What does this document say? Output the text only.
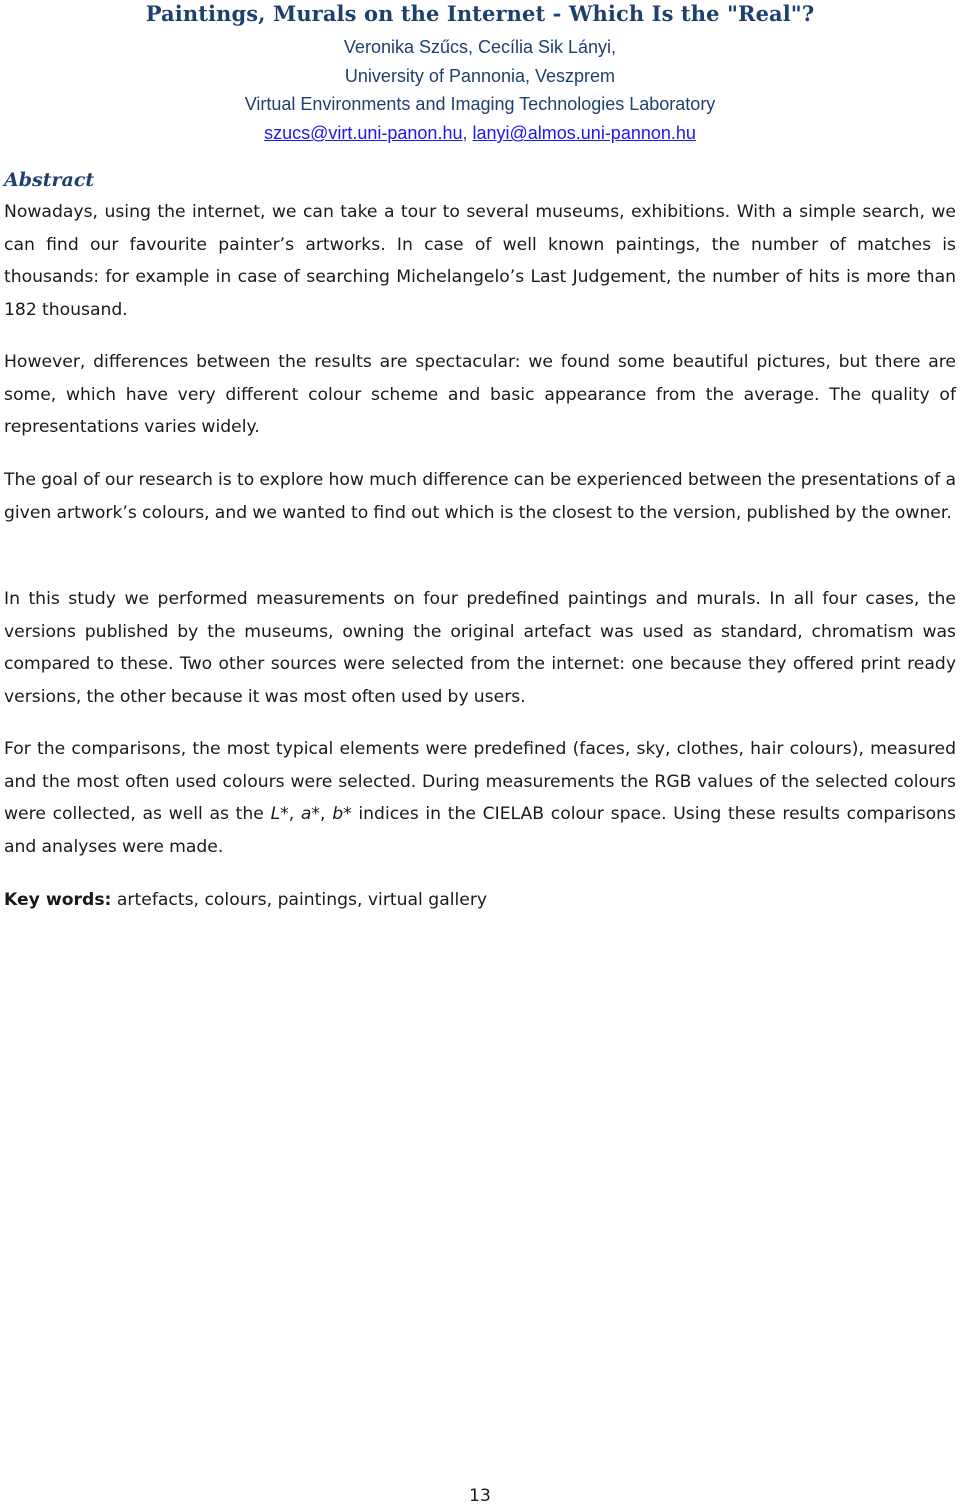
Paintings, Murals on the Internet - Which Is the "Real"?
Veronika Szűcs, Cecília Sik Lányi,
University of Pannonia, Veszprem
Virtual Environments and Imaging Technologies Laboratory
szucs@virt.uni-panon.hu, lanyi@almos.uni-pannon.hu
Abstract

Nowadays, using the internet, we can take a tour to several museums, exhibitions. With a simple search, we can find our favourite painter’s artworks. In case of well known paintings, the number of matches is thousands: for example in case of searching Michelangelo’s Last Judgement, the number of hits is more than 182 thousand.

However, differences between the results are spectacular: we found some beautiful pictures, but there are some, which have very different colour scheme and basic appearance from the average. The quality of representations varies widely.

The goal of our research is to explore how much difference can be experienced between the presentations of a given artwork’s colours, and we wanted to find out which is the closest to the version, published by the owner.

In this study we performed measurements on four predefined paintings and murals. In all four cases, the versions published by the museums, owning the original artefact was used as standard, chromatism was compared to these. Two other sources were selected from the internet: one because they offered print ready versions, the other because it was most often used by users.

For the comparisons, the most typical elements were predefined (faces, sky, clothes, hair colours), measured and the most often used colours were selected. During measurements the RGB values of the selected colours were collected, as well as the L*, a*, b* indices in the CIELAB colour space. Using these results comparisons and analyses were made.

Key words: artefacts, colours, paintings, virtual gallery

13
